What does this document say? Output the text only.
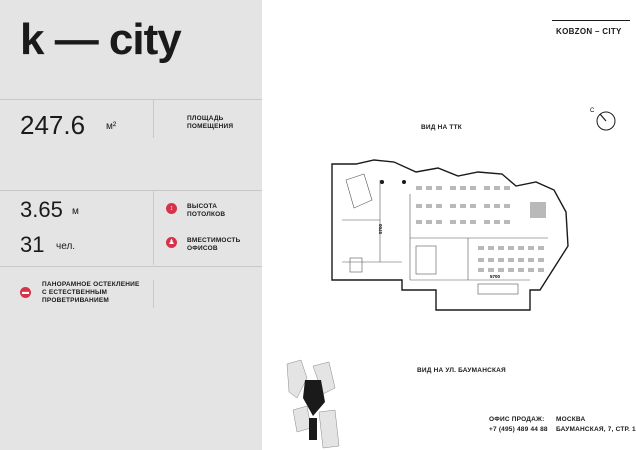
k — city
247.6 м²
ПЛОЩАДЬ
ПОМЕЩЕНИЯ
3.65 м	↕	ВЫСОТА
ПОТОЛКОВ
31 чел.	♟	ВМЕСТИМОСТЬ
ОФИСОВ
▬
ПАНОРАМНОЕ ОСТЕКЛЕНИЕ
С ЕСТЕСТВЕННЫМ
ПРОВЕТРИВАНИЕМ
KOBZON – CITY
С
ВИД НА ТТК
ВИД НА УЛ. БАУМАНСКАЯ
5700
5700
ОФИС ПРОДАЖ:
+7 (495) 489 44 88
МОСКВА
БАУМАНСКАЯ, 7, СТР. 1
